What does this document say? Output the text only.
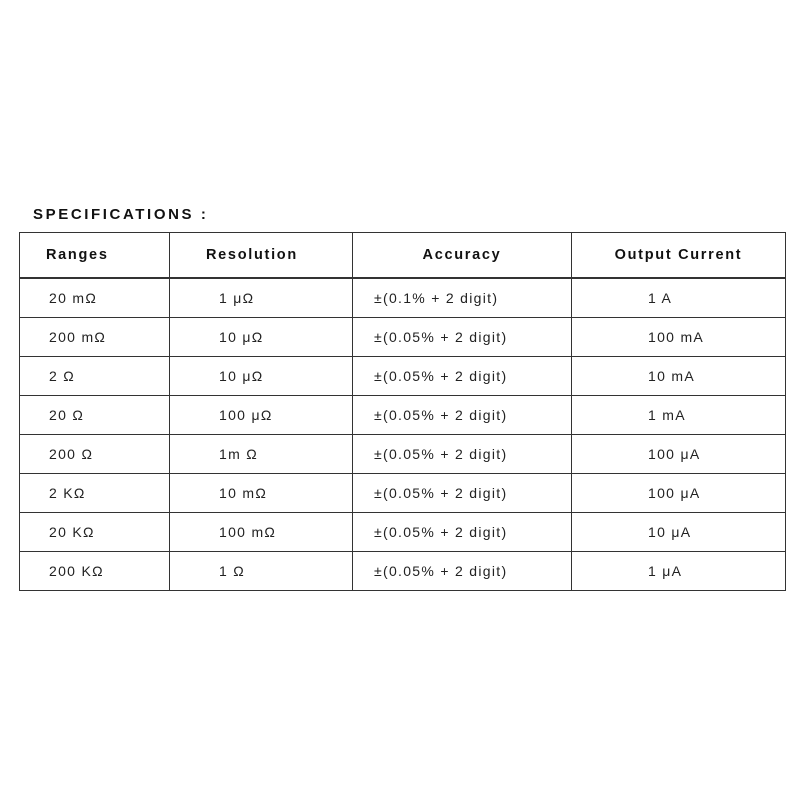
SPECIFICATIONS :
Ranges	Resolution	Accuracy	Output Current
20 mΩ	1 μΩ	±(0.1% + 2 digit)	1 A
200 mΩ	10 μΩ	±(0.05% + 2 digit)	100 mA
2 Ω	10 μΩ	±(0.05% + 2 digit)	10 mA
20 Ω	100 μΩ	±(0.05% + 2 digit)	1 mA
200 Ω	1m Ω	±(0.05% + 2 digit)	100 μA
2 KΩ	10 mΩ	±(0.05% + 2 digit)	100 μA
20 KΩ	100 mΩ	±(0.05% + 2 digit)	10 μA
200 KΩ	1 Ω	±(0.05% + 2 digit)	1 μA
